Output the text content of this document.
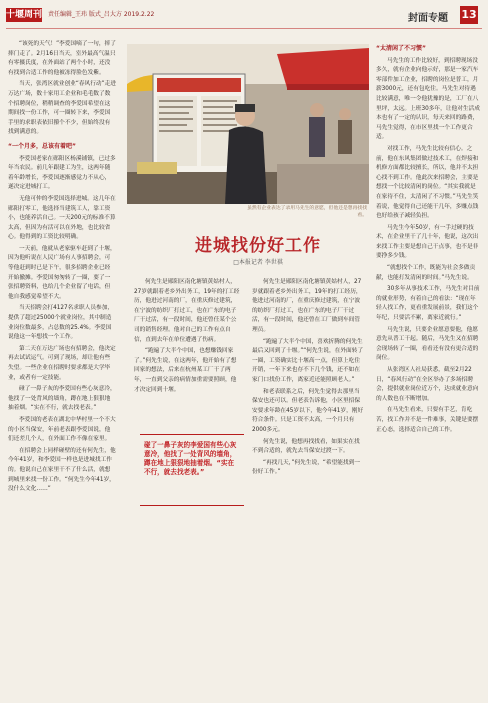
十堰周刊 责任编辑_王玮 版式_吕大方 2019.2.22	封面专题 13

“该死的天气！”李爱国嘀了一句，摔了摔门走了。2月16日当天，室外最高气温只有零摄氏度，在外面站了两个小时，还没有找到合适工作的他被冻得脸色发紫。

当天，张湾区就业创业“春风行动”走进万达广场，数十家用工企业和毛毛数了数个招聘岗位，稍稍调查的李爱国希望在这期间找一份工作，可一圈转下来，李爱国手里的求职表依旧攥个不少，但始终没有找到满意的。

“一个月多，总该有着吧”

李爱国老家在郧阳区杨溪铺镇，已过多年当农民。前几年跟建工为生，这两年随着年龄增长，李爱国逐渐感觉力不从心，遂决定进城打工。

无他可仲的李爱国选择进城。这几年在郧阳打零工，他选择当建筑工人，靠工资小，也能养活自己。一天200元的标准不算太高，但因为有活可以在外地，也比较省心。他得到的工资比较明确。

一天前，他就从老家驱车赶到了十堰，因为他听说在人民广场有人事招聘会，可等他赶到时已是下午，很多招聘企业已经开始撤摊。李爱国匆匆转了一圈，要了一张招聘资料，也给几个企业留了电话，但他自我感觉希望不大。

当天招聘会打4127名求职人员参加，提供了超过25000个就业岗位，其中制造业岗位数最多，占总数的25.4%。李爱国说他这一年想找一个工作。

第二天在万达广场也有招聘会，他决定再去试试运气。可到了现场，却让他有些失望。一些企业在招聘时要求都是大学毕业，或者有一定技能。

碰了一鼻子灰的李爱国有些心灰意冷，他找了一处背风的墙角，蹲在地上狠狠地抽着烟。“实在不行，就去找老表。”

李爱国的老表在湖北中华村里一个不大的小区当保安，年前老表跟李爱国说，他们还差几个人，在外面工作不像在家里。

在招聘会上同样碰壁的还有何先生，他今年41岁，和李爱国一样也是进城找工作的。他说自己在家里干不了什么活，就想到城里来找一份工作。“何先生今年41岁，没什么文化……”

虽然有企业表达了录用马先生的意愿，但他还是想再找找看。
进城找份好工作
□本报记者 李世祺

何先生是郧阳区南化塘镇黄姑村人，27岁就跟着老乡外出务工，19年的打工经历，他进过河南的厂，在重庆修过建筑，在宁波的纺织厂打过工，也在广东的电子厂干过活，有一段时间，他还曾任某个公司的销售经理。他对自己的工作有点自信，直到去年在单位遭遇了伤病。

“跑遍了大半个中国，也想赚钱回家了。”何先生说，在这两年，他开始有了想回家的想法，后来在杭州某工厂干了两年，一直到父亲的病情加重需要照顾，他才决定回到十堰。

碰了一鼻子灰的李爱国有些心灰意冷，他找了一处背风的墙角，蹲在地上狠狠地抽着烟。“实在不行，就去找老表。”

何先生是郧阳区南化塘镇黄姑村人，27岁就跟着老乡外出务工，19年的打工经历，他进过河南的厂，在重庆修过建筑，在宁波的纺织厂打过工，也在广东的电子厂干过活，有一段时间，他还曾在工厂做到车间管理员。

“跑遍了大半个中国，喜欢折腾的何先生最后又回到了十堰。”“何先生说，在外面转了一圈，工资确实比十堰高一点，但算上吃住开销，一年下来也存不下几个钱，还不如在家门口找份工作，离家近还能照顾老人。”

和老表联系之后，何先生觉得去那里当保安也还可以。但老表告诉他，小区里招保安要求年龄在45岁以下，他今年41岁，刚好符合条件。只是工资不太高，一个月只有2000多元。

何先生说，他想再找找看，如果实在找不到合适的，就先去当保安过渡一下。

“再找几天，”何先生说，“希望能找到一份好工作。”

“太清闲了不习惯”

马先生的工作比较好，到招聘现场没多久，就有企业向他示好，那是一家汽车零部件加工企业，招聘的岗位是普工，月薪3000元，还有包吃住。马先生对待遇比较满意，唯一令他犹豫的是，工厂在八里坪，太远。上班30多年，让他对生活成本也有了一定的认识，每天来回的路费，马先生觉得，在市区里找一个工作更合适。

对找工作，马先生比较有信心。之前，他在东风集团做过技术工，在焊接和机修方面都比较擅长，所以，他并不太担心找不到工作。他此次来招聘会，主要是想找一个比较清闲的岗位。“其实我就是在家待不住，太清闲了不习惯。”马先生笑着说，他觉得自己还能干几年，多赚点钱也好给孩子减轻负担。

马先生今年50岁，有一手过硬的技术，在企业里干了几十年，他说，这次出来找工作主要是想自己干点事，也不是非要挣多少钱。

“就想找个工作，既能为社会多做贡献，也能打发清闲的时间。”马先生说。

30多年从事技术工作，马先生对目前的就业形势，有着自己的看法：“现在年轻人找工作，更看重发展前景，我们这个年纪，只要活不累，离家近就行。”

马先生说，只要企业愿意要他，他愿意先从普工干起。随后，马先生又在招聘会现场转了一圈，看看还有没有更合适的岗位。

从张湾区人社局获悉，截至2月22日，“春风行动”在全区举办了多场招聘会，提供就业岗位近万个，达成就业意向的人数也在不断增加。

在马先生看来，只要有手艺，肯吃苦，找工作并不是一件难事，关键是要摆正心态，选择适合自己的工作。
